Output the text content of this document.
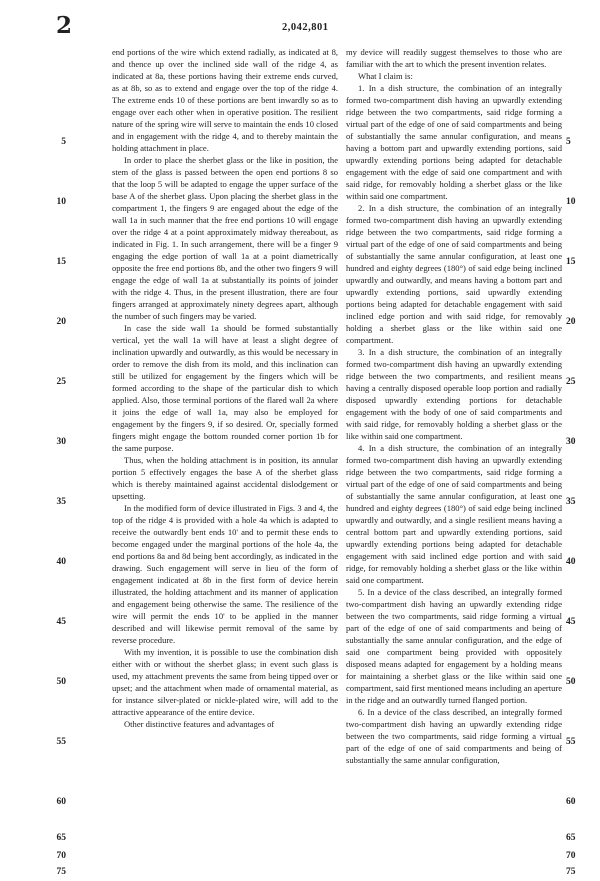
2	2,042,801

end portions of the wire which extend radially, as indicated at 8, and thence up over the inclined side wall of the ridge 4, as indicated at 8a, these portions having their extreme ends curved, as at 8b, so as to extend and engage over the top of the ridge 4. The extreme ends 10 of these portions are bent inwardly so as to engage over each other when in operative position. The resilient nature of the spring wire will serve to maintain the ends 10 closed and in engagement with the ridge 4, and to thereby maintain the holding attachment in place.

In order to place the sherbet glass or the like in position, the stem of the glass is passed between the open end portions 8 so that the loop 5 will be adapted to engage the upper surface of the base A of the sherbet glass. Upon placing the sherbet glass in the compartment 1, the fingers 9 are engaged about the edge of the wall 1a in such manner that the free end portions 10 will engage over the ridge 4 at a point approximately midway thereabout, as indicated in Fig. 1. In such arrangement, there will be a finger 9 engaging the edge portion of wall 1a at a point diametrically opposite the free end portions 8b, and the other two fingers 9 will engage the edge of wall 1a at substantially its points of joinder with the ridge 4. Thus, in the present illustration, there are four fingers arranged at approximately ninety degrees apart, although the number of such fingers may be varied.

In case the side wall 1a should be formed substantially vertical, yet the wall 1a will have at least a slight degree of inclination upwardly and outwardly, as this would be necessary in order to remove the dish from its mold, and this inclination can still be utilized for engagement by the fingers which will be formed according to the shape of the particular dish to which applied. Also, those terminal portions of the flared wall 2a where it joins the edge of wall 1a, may also be employed for engagement by the fingers 9, if so desired. Or, specially formed fingers might engage the bottom rounded corner portion 1b for the same purpose.

Thus, when the holding attachment is in position, its annular portion 5 effectively engages the base A of the sherbet glass which is thereby maintained against accidental dislodgement or upsetting.

In the modified form of device illustrated in Figs. 3 and 4, the top of the ridge 4 is provided with a hole 4a which is adapted to receive the outwardly bent ends 10' and to permit these ends to become engaged under the marginal portions of the hole 4a, the end portions 8a and 8d being bent accordingly, as indicated in the drawing. Such engagement will serve in lieu of the form of engagement indicated at 8b in the first form of device herein illustrated, the holding attachment and its manner of application and engagement being otherwise the same. The resilience of the wire will permit the ends 10' to be applied in the manner described and will likewise permit removal of the same by reverse procedure.

With my invention, it is possible to use the combination dish either with or without the sherbet glass; in event such glass is used, my attachment prevents the same from being tipped over or upset; and the attachment when made of ornamental material, as for instance silver-plated or nickle-plated wire, will add to the attractive appearance of the entire device.

Other distinctive features and advantages of

my device will readily suggest themselves to those who are familiar with the art to which the present invention relates.

What I claim is:

1. In a dish structure, the combination of an integrally formed two-compartment dish having an upwardly extending ridge between the two compartments, said ridge forming a virtual part of the edge of one of said compartments and being of substantially the same annular configuration, and means having a bottom part and upwardly extending portions, said upwardly extending portions being adapted for detachable engagement with the edge of said one compartment and with said ridge, for removably holding a sherbet glass or the like within said one compartment.

2. In a dish structure, the combination of an integrally formed two-compartment dish having an upwardly extending ridge between the two compartments, said ridge forming a virtual part of the edge of one of said compartments and being of substantially the same annular configuration, at least one hundred and eighty degrees (180°) of said edge being inclined upwardly and outwardly, and means having a bottom part and upwardly extending portions, said upwardly extending portions being adapted for detachable engagement with said inclined edge portion and with said ridge, for removably holding a sherbet glass or the like within said one compartment.

3. In a dish structure, the combination of an integrally formed two-compartment dish having an upwardly extending ridge between the two compartments, and resilient means having a centrally disposed operable loop portion and radially disposed upwardly extending portions for detachable engagement with the body of one of said compartments and with said ridge, for removably holding a sherbet glass or the like within said one compartment.

4. In a dish structure, the combination of an integrally formed two-compartment dish having an upwardly extending ridge between the two compartments, said ridge forming a virtual part of the edge of one of said compartments and being of substantially the same annular configuration, at least one hundred and eighty degrees (180°) of said edge being inclined upwardly and outwardly, and a single resilient means having a central bottom part and upwardly extending portions, said upwardly extending portions being adapted for detachable engagement with said inclined edge portion and with said ridge, for removably holding a sherbet glass or the like within said one compartment.

5. In a device of the class described, an integrally formed two-compartment dish having an upwardly extending ridge between the two compartments, said ridge forming a virtual part of the edge of one of said compartments and being of substantially the same annular configuration, and the edge of said one compartment being provided with oppositely disposed means adapted for engagement by a holding means for maintaining a sherbet glass or the like within said one compartment, said first mentioned means including an aperture in the ridge and an outwardly turned flanged portion.

6. In a device of the class described, an integrally formed two-compartment dish having an upwardly extending ridge between the two compartments, said ridge forming a virtual part of the edge of one of said compartments and being of substantially the same annular configuration,

5
10
15
20
25
30
35
40
45
50
55
60
65
70
75
5
10
15
20
25
30
35
40
45
50
55
60
65
70
75
